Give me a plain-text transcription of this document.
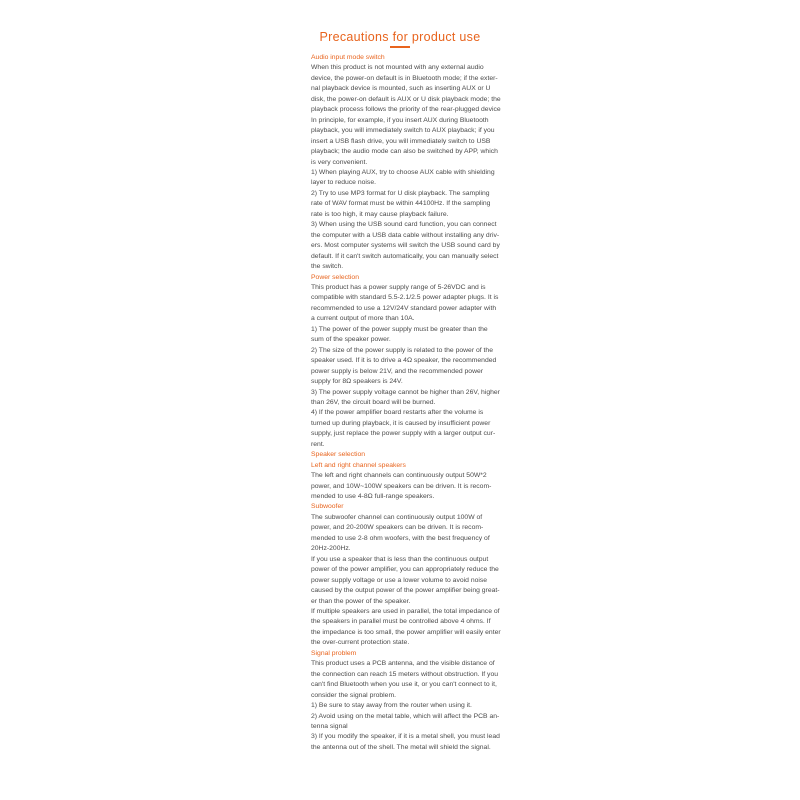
Precautions for product use
Audio input mode switch
When this product is not mounted with any external audio
device, the power-on default is in Bluetooth mode; if the exter-
nal playback device is mounted, such as inserting AUX or U
disk, the power-on default is AUX or U disk playback mode; the
playback process follows the priority of the rear-plugged device
In principle, for example, if you insert AUX during Bluetooth
playback, you will immediately switch to AUX playback; if you
insert a USB flash drive, you will immediately switch to USB
playback; the audio mode can also be switched by APP, which
is very convenient.
1) When playing AUX, try to choose AUX cable with shielding
layer to reduce noise.
2) Try to use MP3 format for U disk playback. The sampling
rate of WAV format must be within 44100Hz. If the sampling
rate is too high, it may cause playback failure.
3) When using the USB sound card function, you can connect
the computer with a USB data cable without installing any driv-
ers. Most computer systems will switch the USB sound card by
default. If it can't switch automatically, you can manually select
the switch.
Power selection
This product has a power supply range of 5-26VDC and is
compatible with standard 5.5-2.1/2.5 power adapter plugs. It is
recommended to use a 12V/24V standard power adapter with
a current output of more than 10A.
1) The power of the power supply must be greater than the
sum of the speaker power.
2) The size of the power supply is related to the power of the
speaker used. If it is to drive a 4Ω speaker, the recommended
power supply is below 21V, and the recommended power
supply for 8Ω speakers is 24V.
3) The power supply voltage cannot be higher than 26V, higher
than 26V, the circuit board will be burned.
4) If the power amplifier board restarts after the volume is
turned up during playback, it is caused by insufficient power
supply, just replace the power supply with a larger output cur-
rent.
Speaker selection
Left and right channel speakers
The left and right channels can continuously output 50W*2
power, and 10W~100W speakers can be driven. It is recom-
mended to use 4-8Ω full-range speakers.
Subwoofer
The subwoofer channel can continuously output 100W of
power, and 20-200W speakers can be driven. It is recom-
mended to use 2-8 ohm woofers, with the best frequency of
20Hz-200Hz.
If you use a speaker that is less than the continuous output
power of the power amplifier, you can appropriately reduce the
power supply voltage or use a lower volume to avoid noise
caused by the output power of the power amplifier being great-
er than the power of the speaker.
If multiple speakers are used in parallel, the total impedance of
the speakers in parallel must be controlled above 4 ohms. If
the impedance is too small, the power amplifier will easily enter
the over-current protection state.
Signal problem
This product uses a PCB antenna, and the visible distance of
the connection can reach 15 meters without obstruction. If you
can't find Bluetooth when you use it, or you can't connect to it,
consider the signal problem.
1) Be sure to stay away from the router when using it.
2) Avoid using on the metal table, which will affect the PCB an-
tenna signal
3) If you modify the speaker, if it is a metal shell, you must lead
the antenna out of the shell. The metal will shield the signal.
